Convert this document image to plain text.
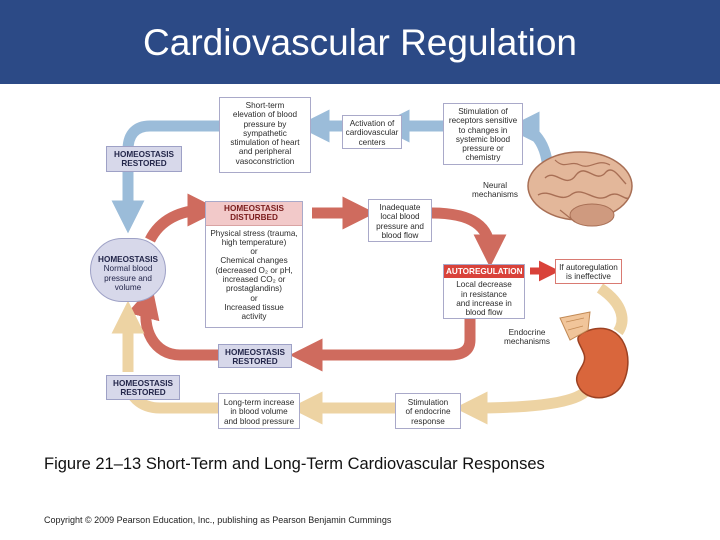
Cardiovascular Regulation
HOMEOSTASIS
RESTORED
Short-term
elevation of blood
pressure by
sympathetic
stimulation of heart
and peripheral
vasoconstriction
Activation of
cardiovascular
centers
Stimulation of
receptors sensitive
to changes in
systemic blood
pressure or
chemistry
Neural
mechanisms
HOMEOSTASIS
DISTURBED
Physical stress (trauma,
high temperature)
or
Chemical changes
(decreased O₂ or pH,
increased CO₂ or
prostaglandins)
or
Increased tissue
activity
Inadequate
local blood
pressure and
blood flow
HOMEOSTASIS
Normal blood
pressure and
volume
AUTOREGULATION
Local decrease
in resistance
and increase in
blood flow
If autoregulation
is ineffective
Endocrine
mechanisms
HOMEOSTASIS
RESTORED
HOMEOSTASIS
RESTORED
Long-term increase
in blood volume
and blood pressure
Stimulation
of endocrine
response
Figure 21–13 Short-Term and Long-Term Cardiovascular Responses
Copyright © 2009 Pearson Education, Inc., publishing as Pearson Benjamin Cummings
